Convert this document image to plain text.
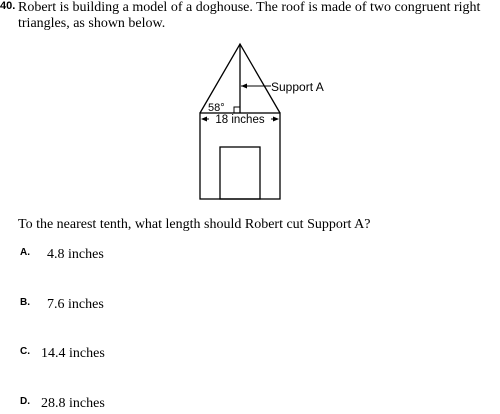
40. Robert is building a model of a doghouse. The roof is made of two congruent right triangles, as shown below.
Support A
58°
18 inches
To the nearest tenth, what length should Robert cut Support A?
A. 4.8 inches
B. 7.6 inches
C. 14.4 inches
D. 28.8 inches
